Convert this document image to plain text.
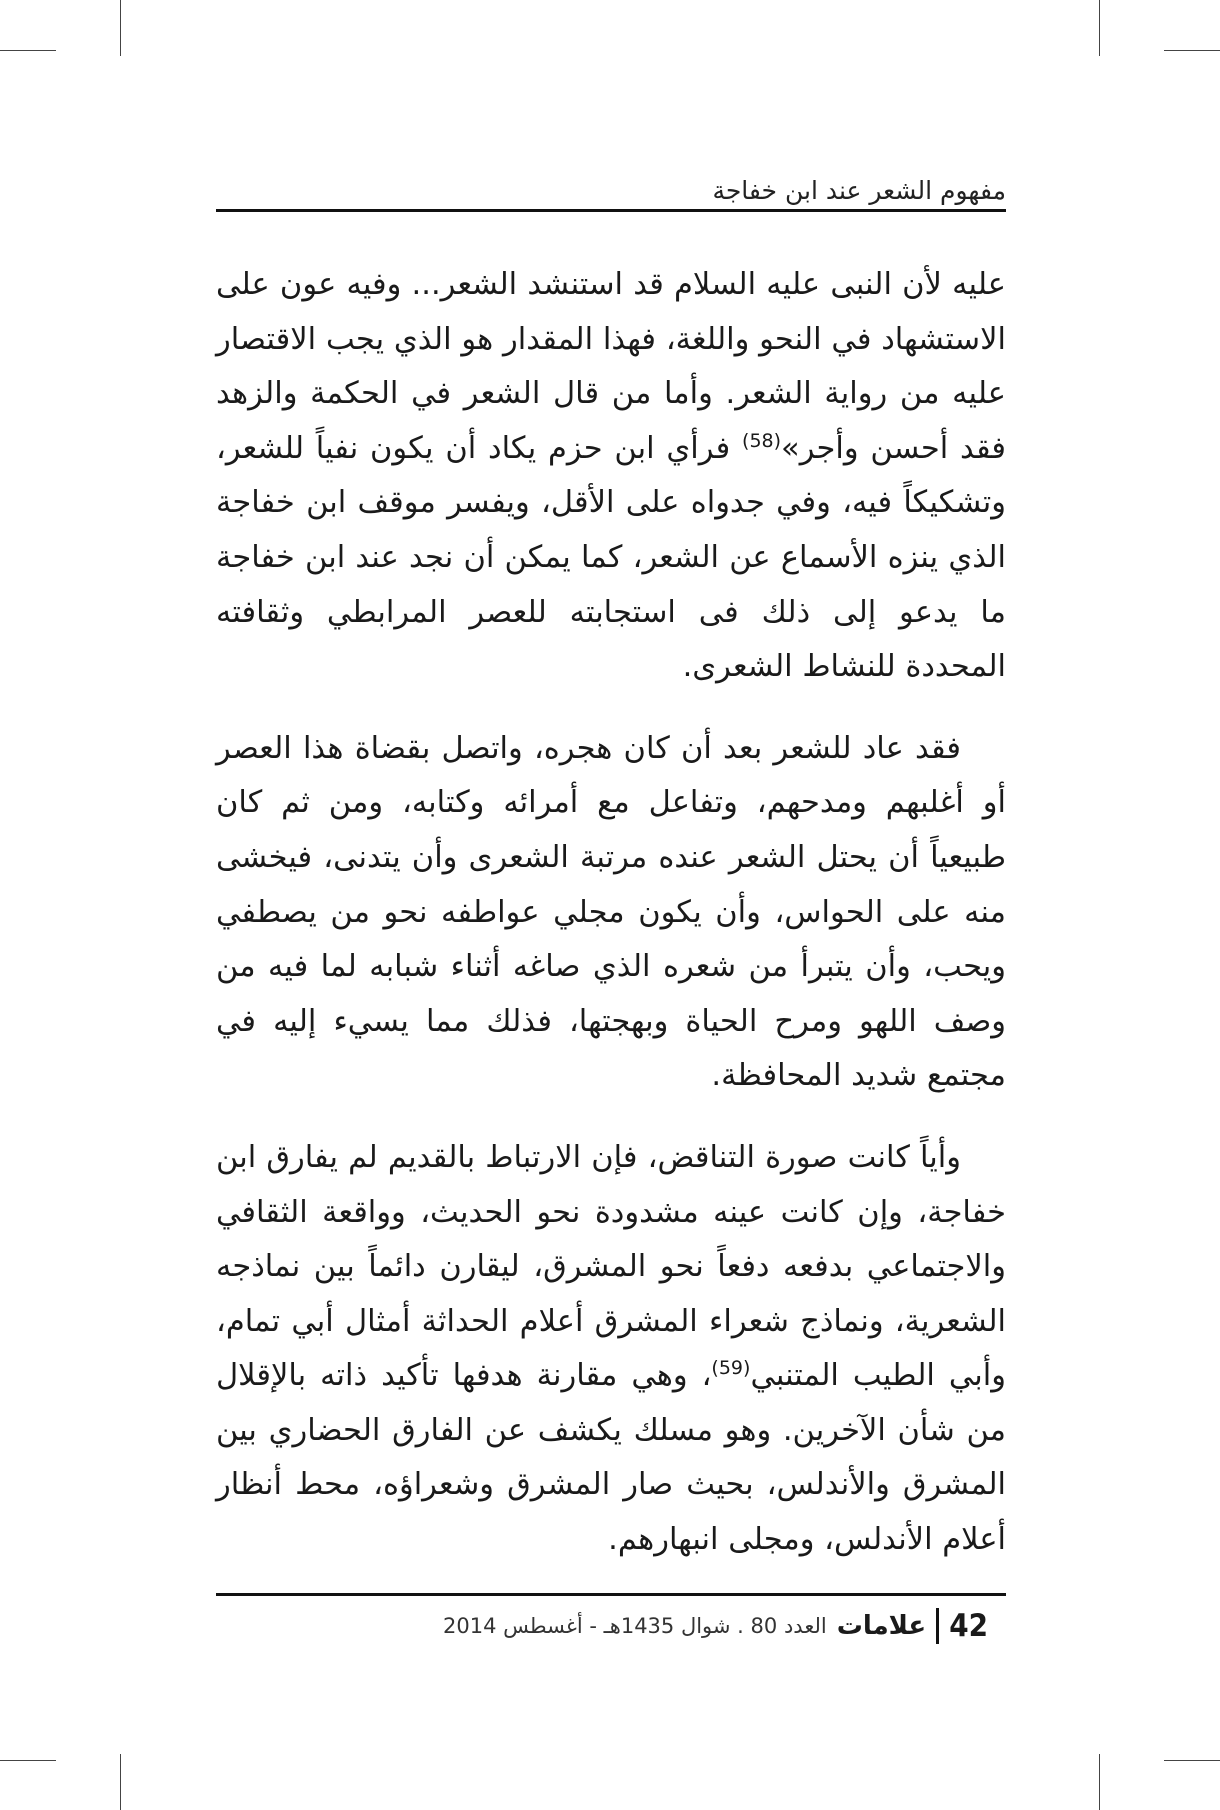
مفهوم الشعر عند ابن خفاجة

عليه لأن النبى عليه السلام قد استنشد الشعر... وفيه عون على الاستشهاد في النحو واللغة، فهذا المقدار هو الذي يجب الاقتصار عليه من رواية الشعر. وأما من قال الشعر في الحكمة والزهد فقد أحسن وأجر»$^{(58)}$ فرأي ابن حزم يكاد أن يكون نفياً للشعر، وتشكيكاً فيه، وفي جدواه على الأقل، ويفسر موقف ابن خفاجة الذي ينزه الأسماع عن الشعر، كما يمكن أن نجد عند ابن خفاجة ما يدعو إلى ذلك فى استجابته للعصر المرابطي وثقافته المحددة للنشاط الشعرى.

فقد عاد للشعر بعد أن كان هجره، واتصل بقضاة هذا العصر أو أغلبهم ومدحهم، وتفاعل مع أمرائه وكتابه، ومن ثم كان طبيعياً أن يحتل الشعر عنده مرتبة الشعرى وأن يتدنى، فيخشى منه على الحواس، وأن يكون مجلي عواطفه نحو من يصطفي ويحب، وأن يتبرأ من شعره الذي صاغه أثناء شبابه لما فيه من وصف اللهو ومرح الحياة وبهجتها، فذلك مما يسيء إليه في مجتمع شديد المحافظة.

وأياً كانت صورة التناقض، فإن الارتباط بالقديم لم يفارق ابن خفاجة، وإن كانت عينه مشدودة نحو الحديث، وواقعة الثقافي والاجتماعي بدفعه دفعاً نحو المشرق، ليقارن دائماً بين نماذجه الشعرية، ونماذج شعراء المشرق أعلام الحداثة أمثال أبي تمام، وأبي الطيب المتنبي$^{(59)}$، وهي مقارنة هدفها تأكيد ذاته بالإقلال من شأن الآخرين. وهو مسلك يكشف عن الفارق الحضاري بين المشرق والأندلس، بحيث صار المشرق وشعراؤه، محط أنظار أعلام الأندلس، ومجلى انبهارهم.

42
علامات
العدد 80 . شوال 1435هـ - أغسطس 2014
